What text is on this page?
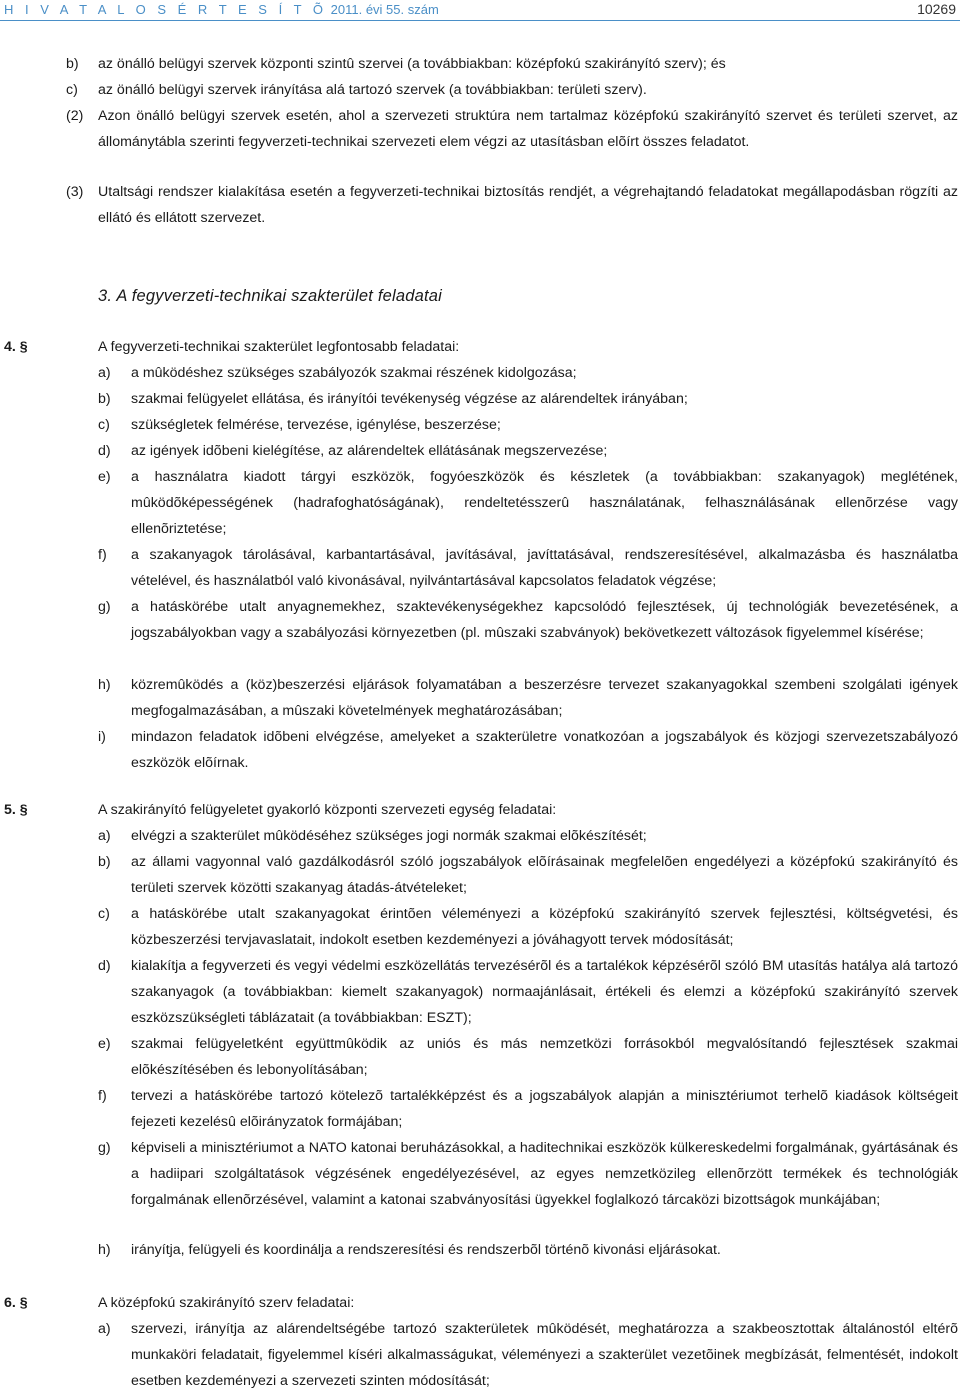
H I V A T A L O S É R T E S Í T Õ 2011. évi 55. szám	10269
b) az önálló belügyi szervek központi szintû szervei (a továbbiakban: középfokú szakirányító szerv); és
c) az önálló belügyi szervek irányítása alá tartozó szervek (a továbbiakban: területi szerv).
(2) Azon önálló belügyi szervek esetén, ahol a szervezeti struktúra nem tartalmaz középfokú szakirányító szervet és területi szervet, az állománytábla szerinti fegyverzeti-technikai szervezeti elem végzi az utasításban elõírt összes feladatot.
(3) Utaltsági rendszer kialakítása esetén a fegyverzeti-technikai biztosítás rendjét, a végrehajtandó feladatokat megállapodásban rögzíti az ellátó és ellátott szervezet.
3. A fegyverzeti-technikai szakterület feladatai
4. §	A fegyverzeti-technikai szakterület legfontosabb feladatai:
a) a mûködéshez szükséges szabályozók szakmai részének kidolgozása;
b) szakmai felügyelet ellátása, és irányítói tevékenység végzése az alárendeltek irányában;
c) szükségletek felmérése, tervezése, igénylése, beszerzése;
d) az igények idõbeni kielégítése, az alárendeltek ellátásának megszervezése;
e) a használatra kiadott tárgyi eszközök, fogyóeszközök és készletek (a továbbiakban: szakanyagok) meglétének, mûködõképességének (hadrafoghatóságának), rendeltetésszerû használatának, felhasználásának ellenõrzése vagy ellenõriztetése;
f) a szakanyagok tárolásával, karbantartásával, javításával, javíttatásával, rendszeresítésével, alkalmazásba és használatba vételével, és használatból való kivonásával, nyilvántartásával kapcsolatos feladatok végzése;
g) a hatáskörébe utalt anyagnemekhez, szaktevékenységekhez kapcsolódó fejlesztések, új technológiák bevezetésének, a jogszabályokban vagy a szabályozási környezetben (pl. mûszaki szabványok) bekövetkezett változások figyelemmel kísérése;
h) közremûködés a (köz)beszerzési eljárások folyamatában a beszerzésre tervezet szakanyagokkal szembeni szolgálati igények megfogalmazásában, a mûszaki követelmények meghatározásában;
i) mindazon feladatok idõbeni elvégzése, amelyeket a szakterületre vonatkozóan a jogszabályok és közjogi szervezetszabályozó eszközök elõírnak.
5. §	A szakirányító felügyeletet gyakorló központi szervezeti egység feladatai:
a) elvégzi a szakterület mûködéséhez szükséges jogi normák szakmai elõkészítését;
b) az állami vagyonnal való gazdálkodásról szóló jogszabályok elõírásainak megfelelõen engedélyezi a középfokú szakirányító és területi szervek közötti szakanyag átadás-átvételeket;
c) a hatáskörébe utalt szakanyagokat érintõen véleményezi a középfokú szakirányító szervek fejlesztési, költségvetési, és közbeszerzési tervjavaslatait, indokolt esetben kezdeményezi a jóváhagyott tervek módosítását;
d) kialakítja a fegyverzeti és vegyi védelmi eszközellátás tervezésérõl és a tartalékok képzésérõl szóló BM utasítás hatálya alá tartozó szakanyagok (a továbbiakban: kiemelt szakanyagok) normaajánlásait, értékeli és elemzi a középfokú szakirányító szervek eszközszükségleti táblázatait (a továbbiakban: ESZT);
e) szakmai felügyeletként együttmûködik az uniós és más nemzetközi forrásokból megvalósítandó fejlesztések szakmai elõkészítésében és lebonyolításában;
f) tervezi a hatáskörébe tartozó kötelezõ tartalékképzést és a jogszabályok alapján a minisztériumot terhelõ kiadások költségeit fejezeti kezelésû elõirányzatok formájában;
g) képviseli a minisztériumot a NATO katonai beruházásokkal, a haditechnikai eszközök külkereskedelmi forgalmának, gyártásának és a hadiipari szolgáltatások végzésének engedélyezésével, az egyes nemzetközileg ellenõrzött termékek és technológiák forgalmának ellenõrzésével, valamint a katonai szabványosítási ügyekkel foglalkozó tárcaközi bizottságok munkájában;
h) irányítja, felügyeli és koordinálja a rendszeresítési és rendszerbõl történõ kivonási eljárásokat.
6. §	A középfokú szakirányító szerv feladatai:
a) szervezi, irányítja az alárendeltségébe tartozó szakterületek mûködését, meghatározza a szakbeosztottak általánostól eltérõ munkaköri feladatait, figyelemmel kíséri alkalmasságukat, véleményezi a szakterület vezetõinek megbízását, felmentését, indokolt esetben kezdeményezi a szervezeti szinten módosítását;
